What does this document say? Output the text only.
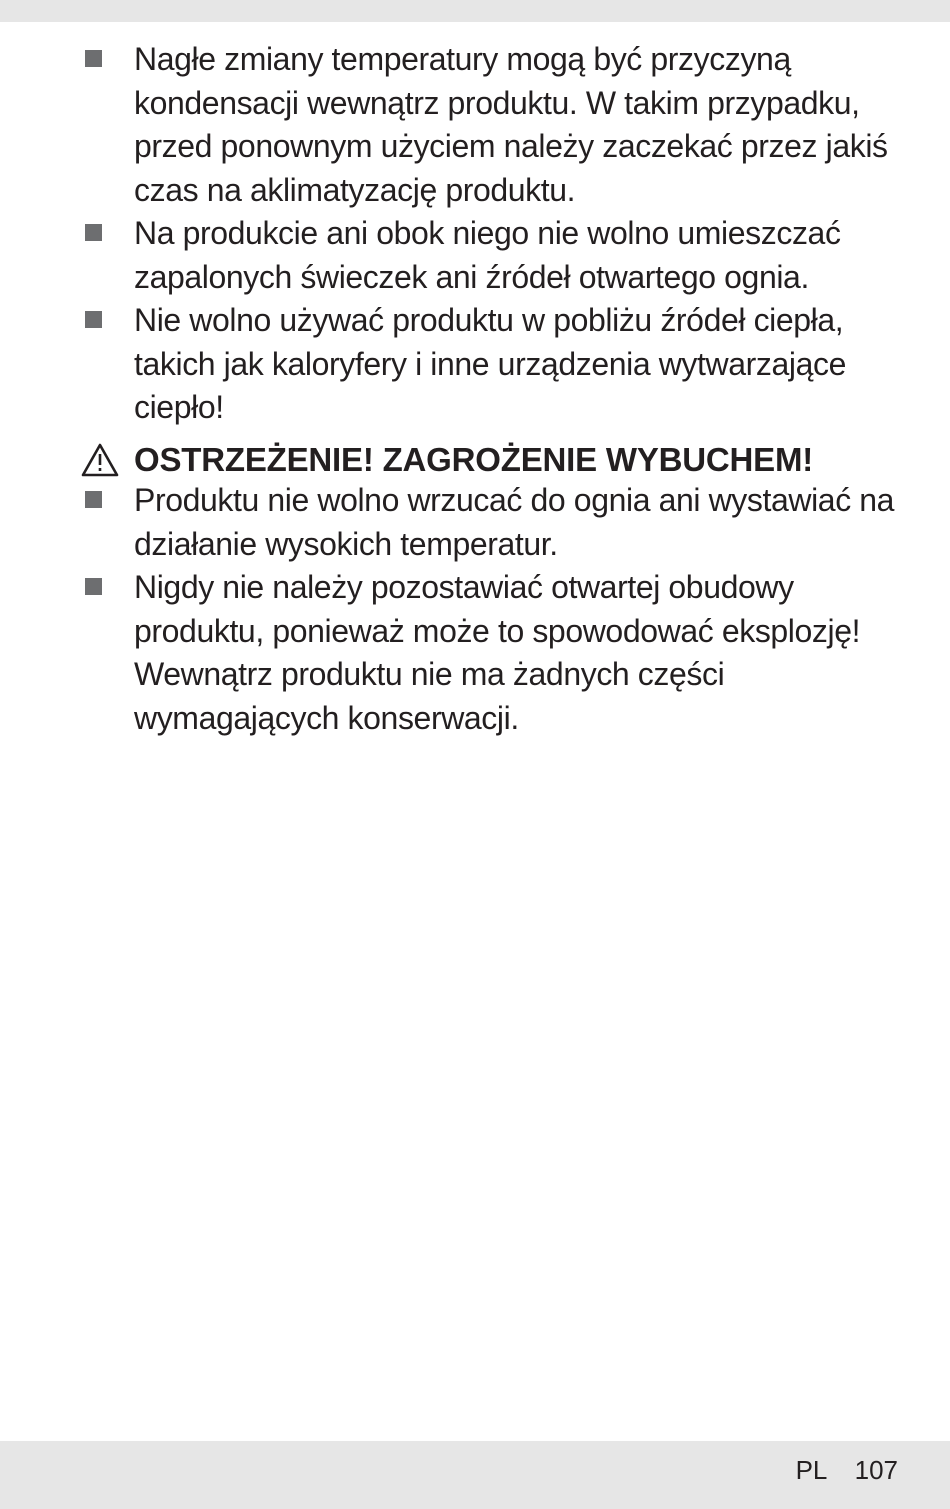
Nagłe zmiany temperatury mogą być przyczyną kondensacji wewnątrz produktu. W takim przypadku, przed ponownym użyciem należy zaczekać przez jakiś czas na aklimatyzację produktu.
Na produkcie ani obok niego nie wolno umieszczać zapalonych świeczek ani źródeł otwartego ognia.
Nie wolno używać produktu w pobliżu źródeł ciepła, takich jak kaloryfery i inne urządzenia wytwarzające ciepło!
OSTRZEŻENIE! ZAGROŻENIE WYBUCHEM!
Produktu nie wolno wrzucać do ognia ani wystawiać na działanie wysokich temperatur.
Nigdy nie należy pozostawiać otwartej obudowy produktu, ponieważ może to spowodować eksplozję! Wewnątrz produktu nie ma żadnych części wymagających konserwacji.
PL 107
